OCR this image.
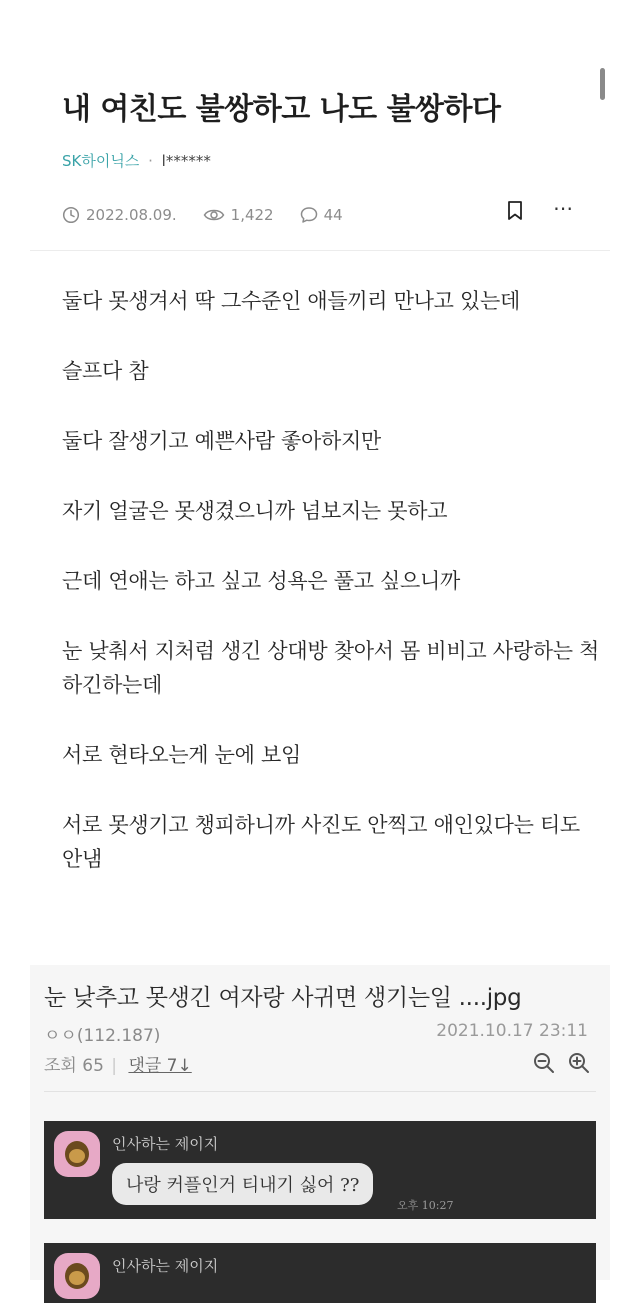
내 여친도 불쌍하고 나도 불쌍하다
SK하이닉스 · l******
2022.08.09.	1,422	44	⋯

둘다 못생겨서 딱 그수준인 애들끼리 만나고 있는데

슬프다 참

둘다 잘생기고 예쁜사람 좋아하지만

자기 얼굴은 못생겼으니까 넘보지는 못하고

근데 연애는 하고 싶고 성욕은 풀고 싶으니까

눈 낮춰서 지처럼 생긴 상대방 찾아서 몸 비비고 사랑하는 척 하긴하는데

서로 현타오는게 눈에 보임

서로 못생기고 챙피하니까 사진도 안찍고 애인있다는 티도 안냄

눈 낮추고 못생긴 여자랑 사귀면 생기는일 ....jpg
ㅇㅇ(112.187)	2021.10.17 23:11
조회 65 | 댓글 7↓
인사하는 제이지
나랑 커플인거 티내기 싫어 ??
오후 10:27
인사하는 제이지
